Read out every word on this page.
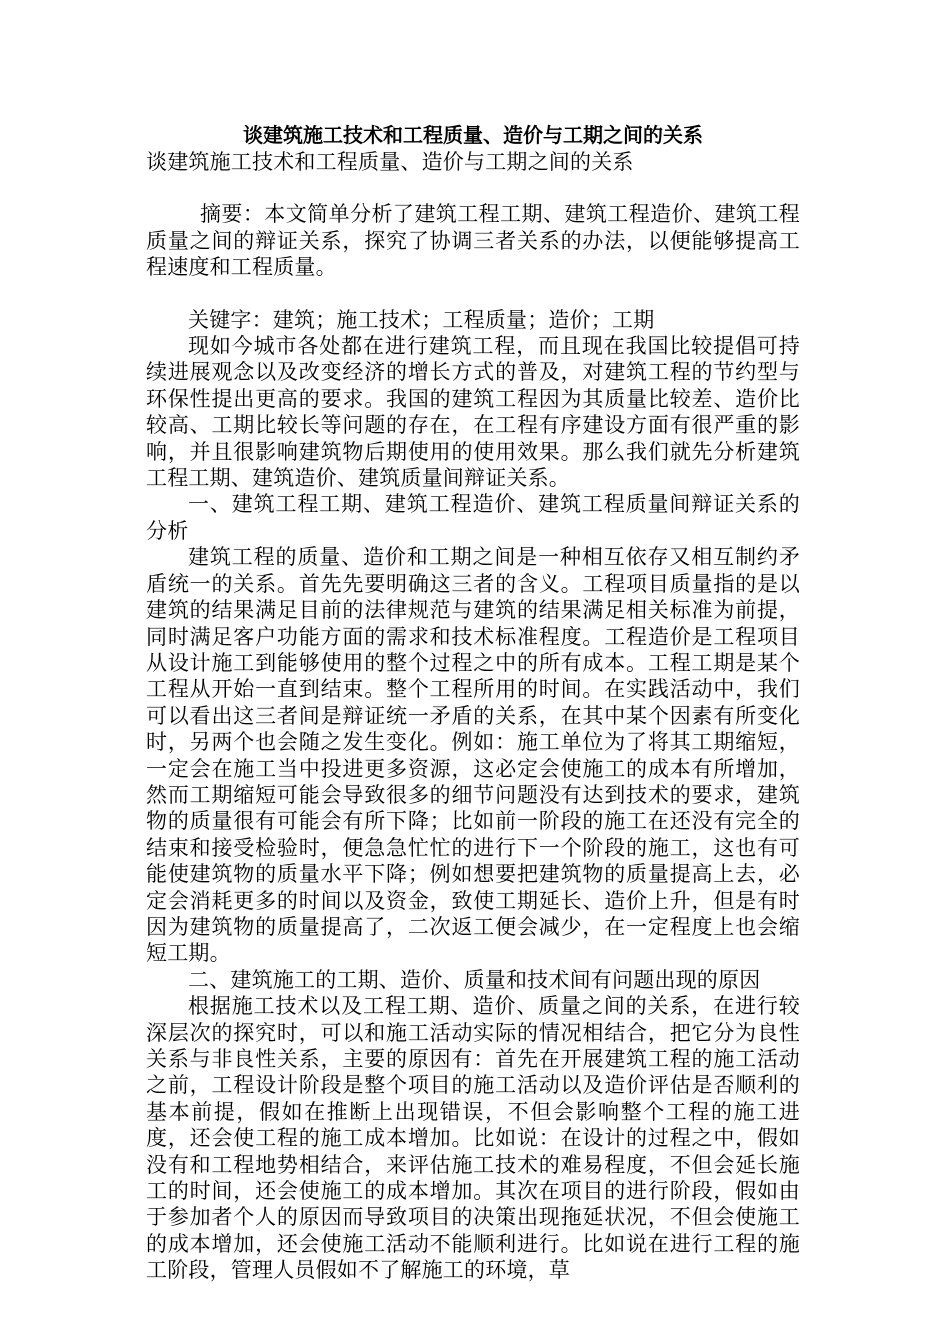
谈建筑施工技术和工程质量、造价与工期之间的关系

谈建筑施工技术和工程质量、造价与工期之间的关系

摘要：本文简单分析了建筑工程工期、建筑工程造价、建筑工程质量之间的辩证关系，探究了协调三者关系的办法，以便能够提高工程速度和工程质量。

关键字：建筑；施工技术；工程质量；造价；工期

现如今城市各处都在进行建筑工程，而且现在我国比较提倡可持续进展观念以及改变经济的增长方式的普及，对建筑工程的节约型与环保性提出更高的要求。我国的建筑工程因为其质量比较差、造价比较高、工期比较长等问题的存在，在工程有序建设方面有很严重的影响，并且很影响建筑物后期使用的使用效果。那么我们就先分析建筑工程工期、建筑造价、建筑质量间辩证关系。

一、建筑工程工期、建筑工程造价、建筑工程质量间辩证关系的分析

建筑工程的质量、造价和工期之间是一种相互依存又相互制约矛盾统一的关系。首先先要明确这三者的含义。工程项目质量指的是以建筑的结果满足目前的法律规范与建筑的结果满足相关标准为前提，同时满足客户功能方面的需求和技术标准程度。工程造价是工程项目从设计施工到能够使用的整个过程之中的所有成本。工程工期是某个工程从开始一直到结束。整个工程所用的时间。在实践活动中，我们可以看出这三者间是辩证统一矛盾的关系，在其中某个因素有所变化时，另两个也会随之发生变化。例如：施工单位为了将其工期缩短，一定会在施工当中投进更多资源，这必定会使施工的成本有所增加，然而工期缩短可能会导致很多的细节问题没有达到技术的要求，建筑物的质量很有可能会有所下降；比如前一阶段的施工在还没有完全的结束和接受检验时，便急急忙忙的进行下一个阶段的施工，这也有可能使建筑物的质量水平下降；例如想要把建筑物的质量提高上去，必定会消耗更多的时间以及资金，致使工期延长、造价上升，但是有时因为建筑物的质量提高了，二次返工便会减少，在一定程度上也会缩短工期。

二、建筑施工的工期、造价、质量和技术间有问题出现的原因

根据施工技术以及工程工期、造价、质量之间的关系，在进行较深层次的探究时，可以和施工活动实际的情况相结合，把它分为良性关系与非良性关系，主要的原因有：首先在开展建筑工程的施工活动之前，工程设计阶段是整个项目的施工活动以及造价评估是否顺利的基本前提，假如在推断上出现错误，不但会影响整个工程的施工进度，还会使工程的施工成本增加。比如说：在设计的过程之中，假如没有和工程地势相结合，来评估施工技术的难易程度，不但会延长施工的时间，还会使施工的成本增加。其次在项目的进行阶段，假如由于参加者个人的原因而导致项目的决策出现拖延状况，不但会使施工的成本增加，还会使施工活动不能顺利进行。比如说在进行工程的施工阶段，管理人员假如不了解施工的环境，草
